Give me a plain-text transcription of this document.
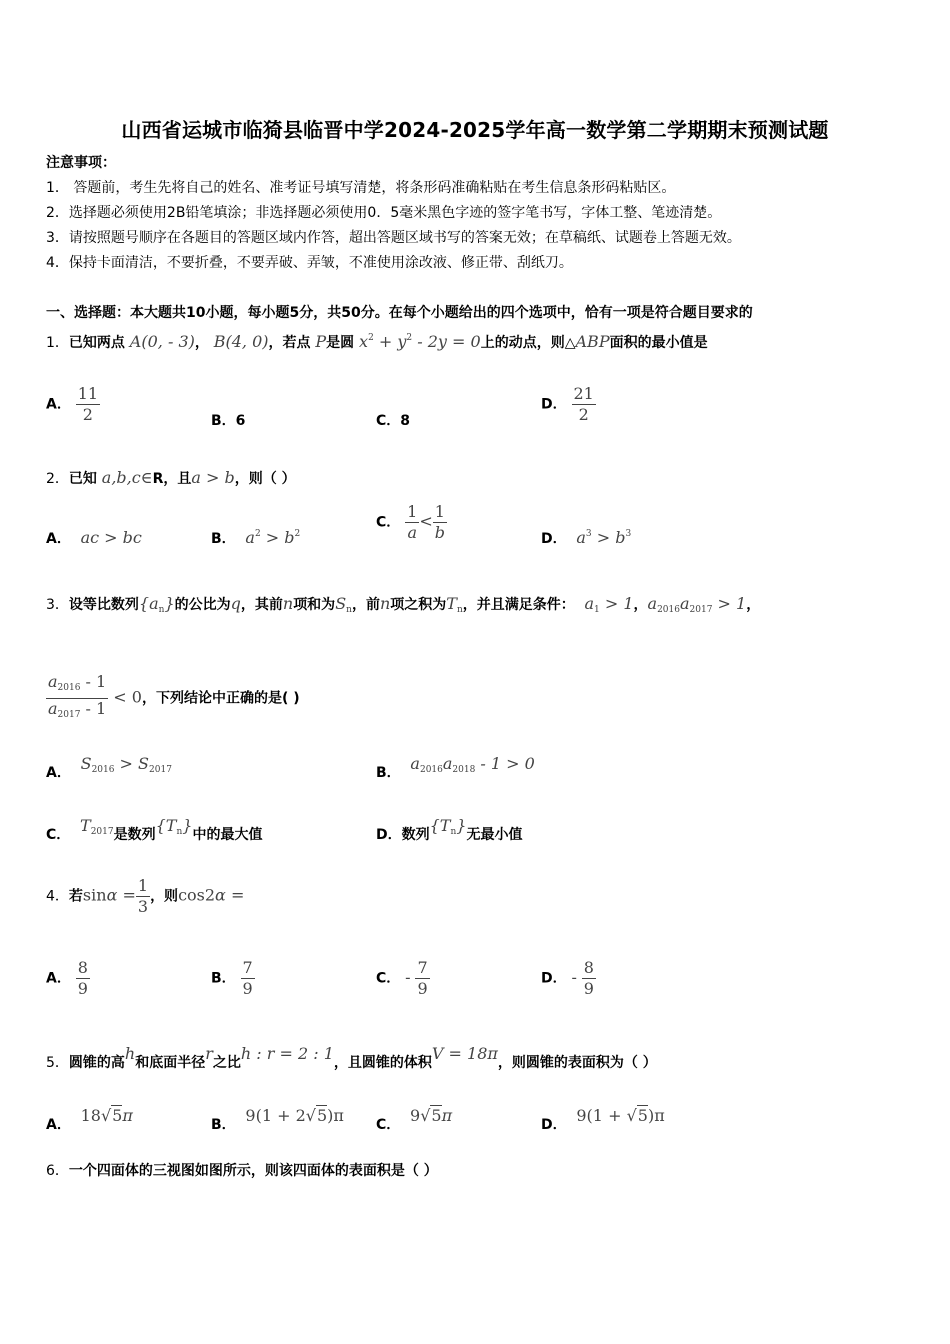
山西省运城市临猗县临晋中学2024-2025学年高一数学第二学期期末预测试题
注意事项：
1． 答题前，考生先将自己的姓名、准考证号填写清楚，将条形码准确粘贴在考生信息条形码粘贴区。
2．选择题必须使用2B铅笔填涂；非选择题必须使用0．5毫米黑色字迹的签字笔书写，字体工整、笔迹清楚。
3．请按照题号顺序在各题目的答题区域内作答，超出答题区域书写的答案无效；在草稿纸、试题卷上答题无效。
4．保持卡面清洁，不要折叠，不要弄破、弄皱，不准使用涂改液、修正带、刮纸刀。
一、选择题：本大题共10小题，每小题5分，共50分。在每个小题给出的四个选项中，恰有一项是符合题目要求的
1．已知两点 A(0, - 3)， B(4, 0)，若点 P是圆 $x^2 + y^2 - 2y = 0$上的动点，则△ABP面积的最小值是
A． $\frac{11}{2}$	B．6	C．8
D． $\frac{21}{2}$
2．已知 a,b,c∈R，且a > b，则（ ）
A． ac > bc	B． $a^2 > b^2$
C． $\frac{1}{a} < \frac{1}{b}$	D． $a^3 > b^3$
3．设等比数列$\{a_n\}$的公比为q，其前n项和为$S_n$，前n项之积为$T_n$，并且满足条件： $a_1 > 1$，$a_{2016}a_{2017} > 1$，
$\frac{a_{2016} - 1}{a_{2017} - 1} < 0$，下列结论中正确的是( )
A． $S_{2016} > S_{2017}$	B． $a_{2016}a_{2018} - 1 > 0$
C． $T_{2017}$是数列$\{T_n\}$中的最大值	D．数列$\{T_n\}$无最小值
4．若$\sin\alpha = \frac{1}{3}$ ，则cos2α =
A． $\frac{8}{9}$	B． $\frac{7}{9}$	C． - $\frac{7}{9}$	D． - $\frac{8}{9}$
5．圆锥的高h和底面半径r之比h : r = 2 : 1，且圆锥的体积V = 18π，则圆锥的表面积为（ ）
A． 18√5π	B． 9(1 + 2√5)π C． 9√5π	D． 9(1 + √5)π
6．一个四面体的三视图如图所示，则该四面体的表面积是（ ）
